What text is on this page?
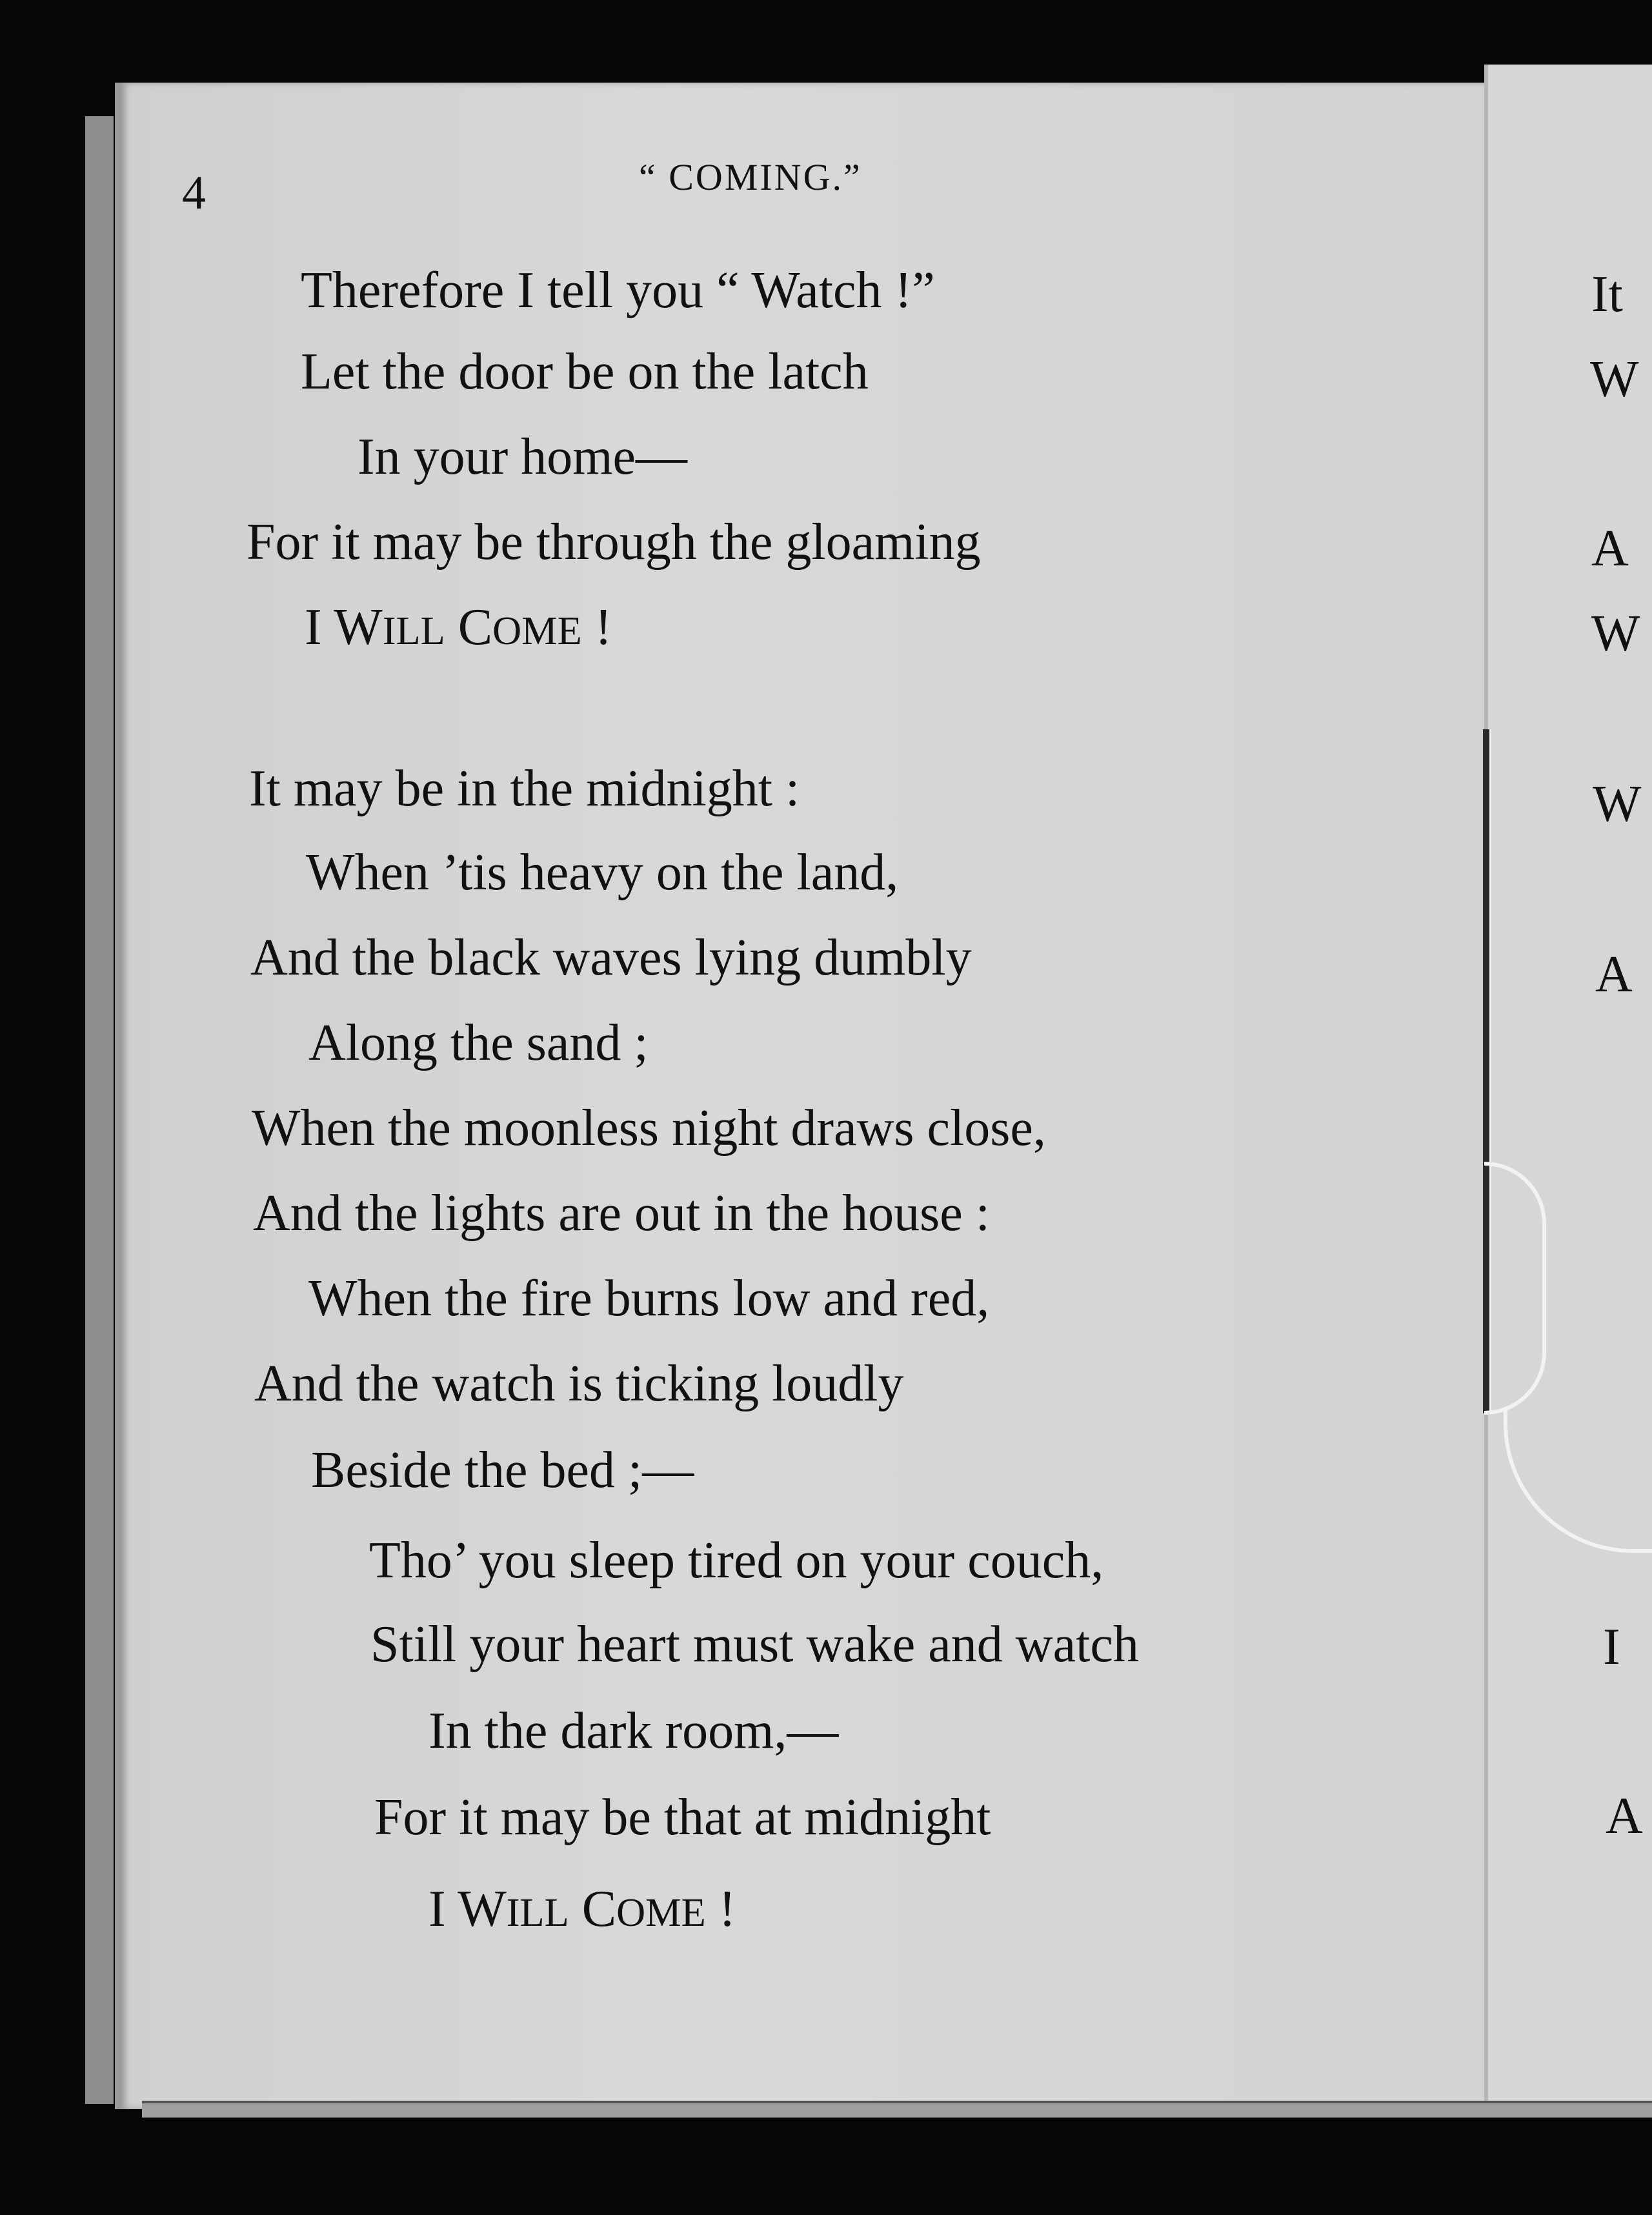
4	“ COMING.”

Therefore I tell you “ Watch !”

Let the door be on the latch

In your home—

For it may be through the gloaming

I WILL COME !

It may be in the midnight :

When ’tis heavy on the land,

And the black waves lying dumbly

Along the sand ;

When the moonless night draws close,

And the lights are out in the house :

When the fire burns low and red,

And the watch is ticking loudly

Beside the bed ;—

Tho’ you sleep tired on your couch,

Still your heart must wake and watch

In the dark room,—

For it may be that at midnight

I WILL COME !

It

W

A

W

W

A

I

A
